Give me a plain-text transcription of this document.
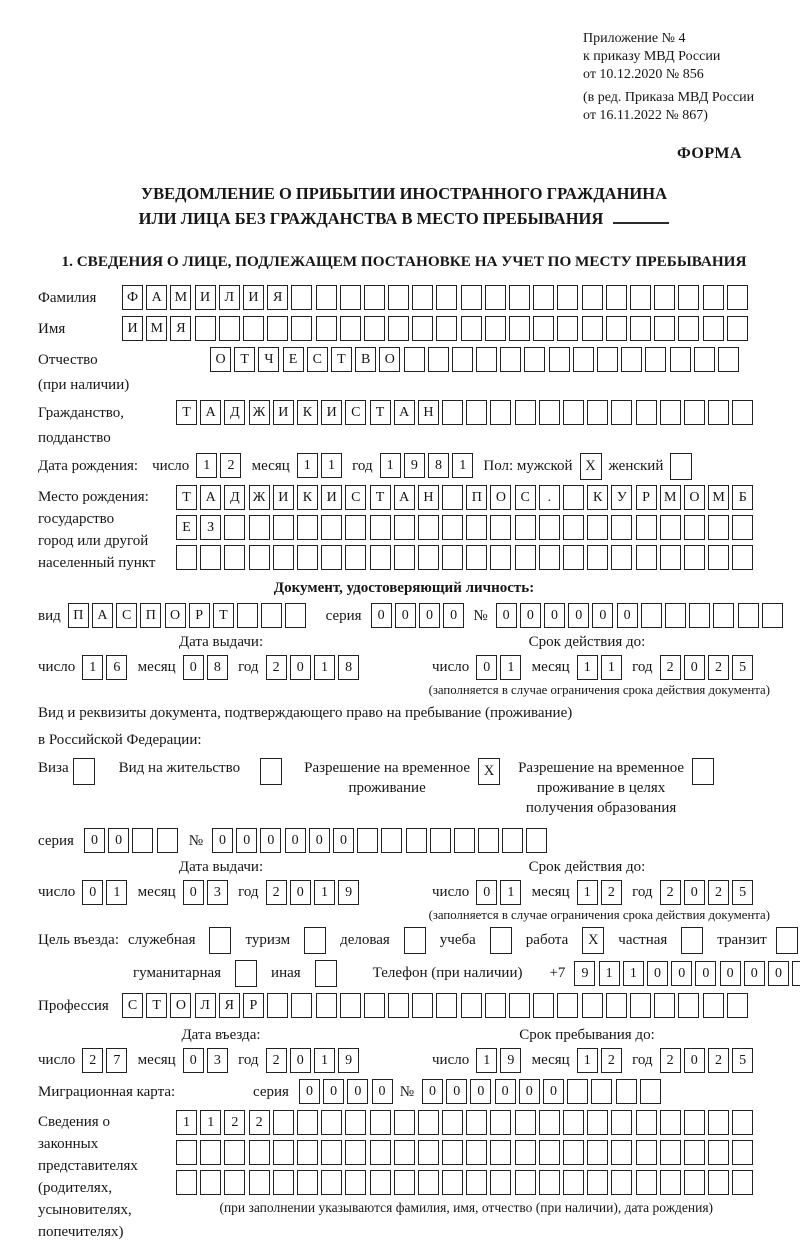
Приложение № 4
к приказу МВД России
от 10.12.2020 № 856
(в ред. Приказа МВД России
от 16.11.2022 № 867)
ФОРМА
УВЕДОМЛЕНИЕ О ПРИБЫТИИ ИНОСТРАННОГО ГРАЖДАНИНА
ИЛИ ЛИЦА БЕЗ ГРАЖДАНСТВА В МЕСТО ПРЕБЫВАНИЯ
1. СВЕДЕНИЯ О ЛИЦЕ, ПОДЛЕЖАЩЕМ ПОСТАНОВКЕ НА УЧЕТ ПО МЕСТУ ПРЕБЫВАНИЯ
Фамилия	Ф А М И	Л	И	Я
Имя	И М Я
Отчество
(при наличии)
О	Т	Ч	Е	С	Т	В	О
Гражданство,
подданство
Т	А	Д Ж И	К	И	С	Т	А	Н
Дата рождения: число	1	2	месяц	1	1	год	1	9	8	1	Пол: мужской X женский
Место рождения:
государство
город или другой
населенный пункт
Т	А	Д Ж И	К	И	С	Т	А	Н	П	О	С	.	К	У	Р	М О М Б
Е	З
Документ, удостоверяющий личность:
вид П	А	С	П	О	Р	Т	серия	0	0	0	0	№	0	0	0	0	0	0
Дата выдачи:
число	1	6	месяц	0	8	год	2	0	1	8
Срок действия до:
число	0	1	месяц	1	1	год	2	0	2	5
(заполняется в случае ограничения срока действия документа)
Вид и реквизиты документа, подтверждающего право на пребывание (проживание)
в Российской Федерации:
Виза	Вид на жительство	Разрешение на временное
проживание
X	Разрешение на временное
проживание в целях
получения образования
серия	0	0	№	0	0	0	0	0	0
Дата выдачи:
число	0	1	месяц	0	3	год	2	0	1	9
Срок действия до:
число	0	1	месяц	1	2	год	2	0	2	5
(заполняется в случае ограничения срока действия документа)
Цель въезда: служебная	туризм	деловая	учеба	работа	X	частная	транзит
гуманитарная	иная	Телефон (при наличии) +7	9	1	1	0	0	0	0	0	0
Профессия	С	Т	О	Л	Я	Р
Дата въезда:
число	2	7	месяц	0	3	год	2	0	1	9
Срок пребывания до:
число	1	9	месяц	1	2	год	2	0	2	5
Миграционная карта:	серия	0	0	0	0 №	0	0	0	0	0	0
Сведения о
законных
представителях
(родителях,
усыновителях,
попечителях)
1	1	2	2
(при заполнении указываются фамилия, имя, отчество (при наличии), дата рождения)
